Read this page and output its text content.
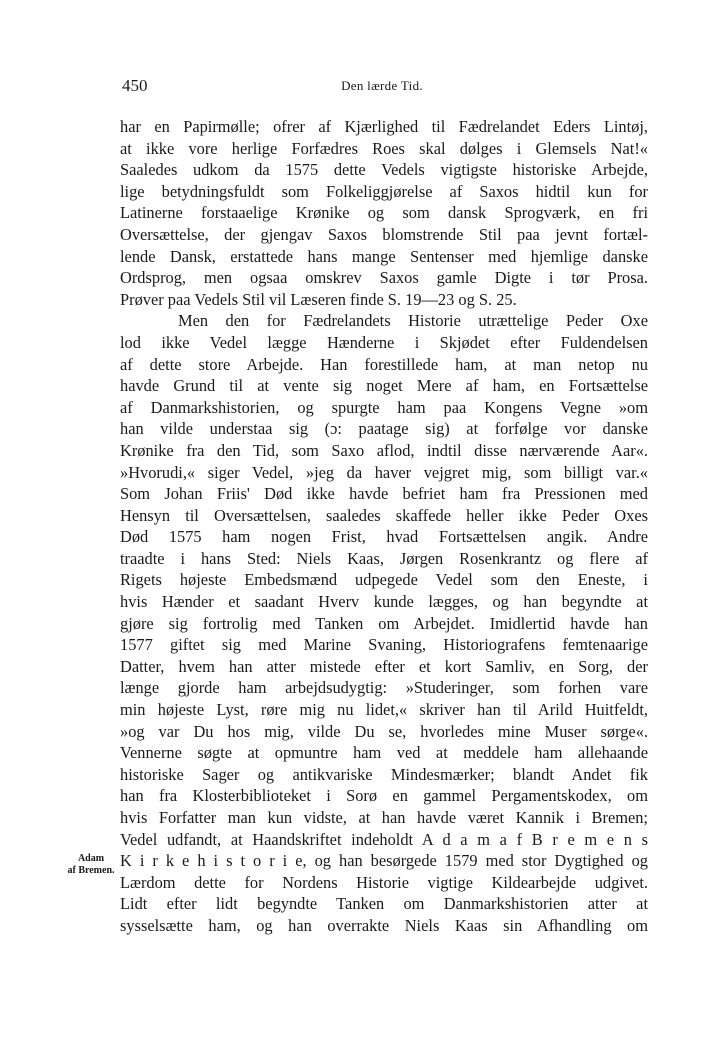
450	Den lærde Tid.
Adam
af Bremen.
har en Papirmølle; ofrer af Kjærlighed til Fædrelandet Eders Lintøj,
at ikke vore herlige Forfædres Roes skal dølges i Glemsels Nat!«
Saaledes udkom da 1575 dette Vedels vigtigste historiske Arbejde,
lige betydningsfuldt som Folkeliggjørelse af Saxos hidtil kun for
Latinerne forstaaelige Krønike og som dansk Sprogværk, en fri
Oversættelse, der gjengav Saxos blomstrende Stil paa jevnt fortæl-
lende Dansk, erstattede hans mange Sentenser med hjemlige danske
Ordsprog, men ogsaa omskrev Saxos gamle Digte i tør Prosa.
Prøver paa Vedels Stil vil Læseren finde S. 19—23 og S. 25.
Men den for Fædrelandets Historie utrættelige Peder Oxe
lod ikke Vedel lægge Hænderne i Skjødet efter Fuldendelsen
af dette store Arbejde. Han forestillede ham, at man netop nu
havde Grund til at vente sig noget Mere af ham, en Fortsættelse
af Danmarkshistorien, og spurgte ham paa Kongens Vegne »om
han vilde understaa sig (ɔ: paatage sig) at forfølge vor danske
Krønike fra den Tid, som Saxo aflod, indtil disse nærværende Aar«.
»Hvorudi,« siger Vedel, »jeg da haver vejgret mig, som billigt var.«
Som Johan Friis' Død ikke havde befriet ham fra Pressionen med
Hensyn til Oversættelsen, saaledes skaffede heller ikke Peder Oxes
Død 1575 ham nogen Frist, hvad Fortsættelsen angik. Andre
traadte i hans Sted: Niels Kaas, Jørgen Rosenkrantz og flere af
Rigets højeste Embedsmænd udpegede Vedel som den Eneste, i
hvis Hænder et saadant Hverv kunde lægges, og han begyndte at
gjøre sig fortrolig med Tanken om Arbejdet. Imidlertid havde han
1577 giftet sig med Marine Svaning, Historiografens femtenaarige
Datter, hvem han atter mistede efter et kort Samliv, en Sorg, der
længe gjorde ham arbejdsudygtig: »Studeringer, som forhen vare
min højeste Lyst, røre mig nu lidet,« skriver han til Arild Huitfeldt,
»og var Du hos mig, vilde Du se, hvorledes mine Muser sørge«.
Vennerne søgte at opmuntre ham ved at meddele ham allehaande
historiske Sager og antikvariske Mindesmærker; blandt Andet fik
han fra Klosterbiblioteket i Sorø en gammel Pergamentskodex, om
hvis Forfatter man kun vidste, at han havde været Kannik i Bremen;
Vedel udfandt, at Haandskriftet indeholdt A d a m a f B r e m e n s
K i r k e h i s t o r i e, og han besørgede 1579 med stor Dygtighed og
Lærdom dette for Nordens Historie vigtige Kildearbejde udgivet.
Lidt efter lidt begyndte Tanken om Danmarkshistorien atter at
sysselsætte ham, og han overrakte Niels Kaas sin Afhandling om
